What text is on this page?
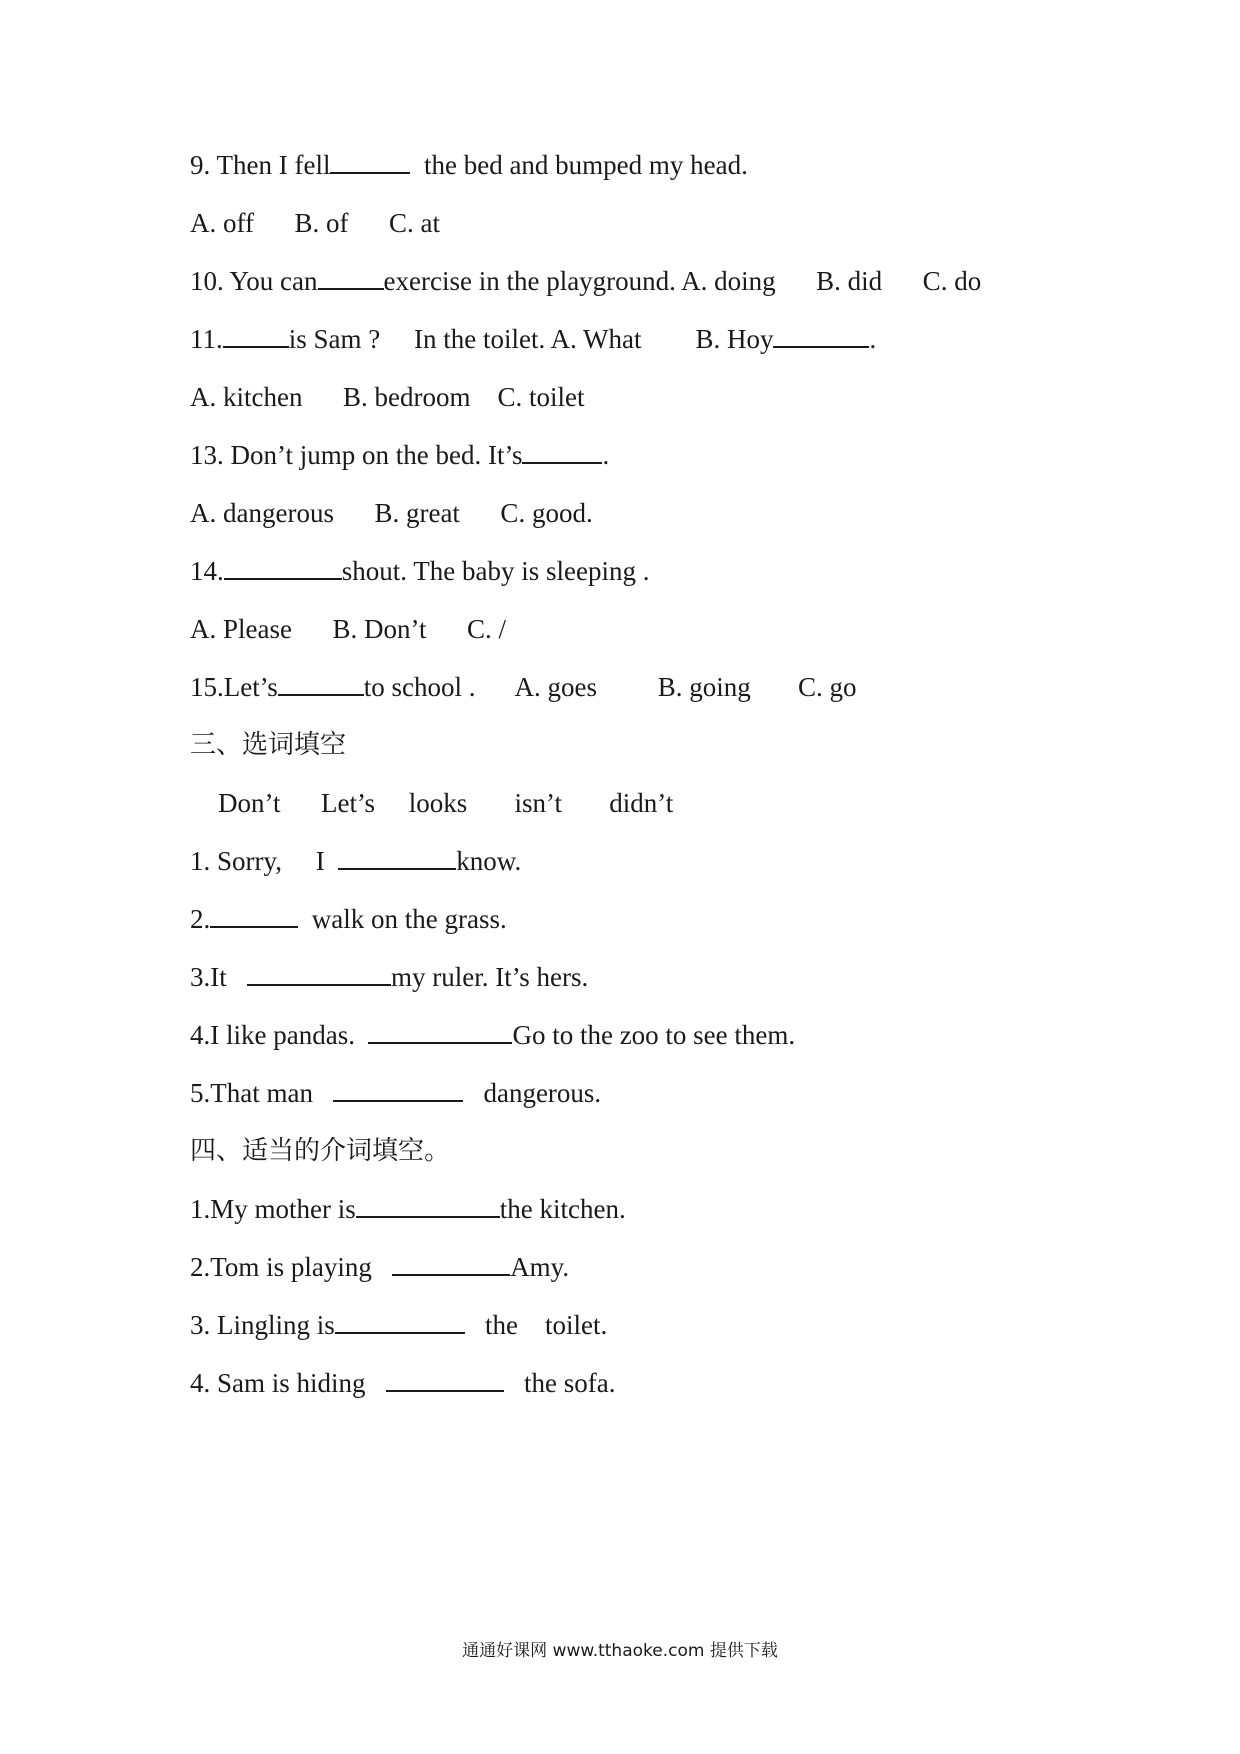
9. Then I fell	the bed and bumped my head.
A. off      B. of      C. at
10. You can exercise in the playground. A. doing      B. did      C. do
11. is Sam ?     In the toilet. A. What        B. Hoy	.
A. kitchen      B. bedroom    C. toilet
13. Don’t jump on the bed. It’s	.
A. dangerous      B. great      C. good.
14.	shout. The baby is sleeping .
A. Please      B. Don’t      C. /
15.Let’s	to school .      A. goes         B. going       C. go
三、选词填空
Don’t      Let’s     looks       isn’t       didn’t
1. Sorry,     I	know.
2.	walk on the grass.
3.It	my ruler. It’s hers.
4.I like pandas.	Go to the zoo to see them.
5.That man	dangerous.
四、适当的介词填空。
1.My mother is	the kitchen.
2.Tom is playing	Amy.
3. Lingling is	the    toilet.
4. Sam is hiding	the sofa.
通通好课网 www.tthaoke.com 提供下载
